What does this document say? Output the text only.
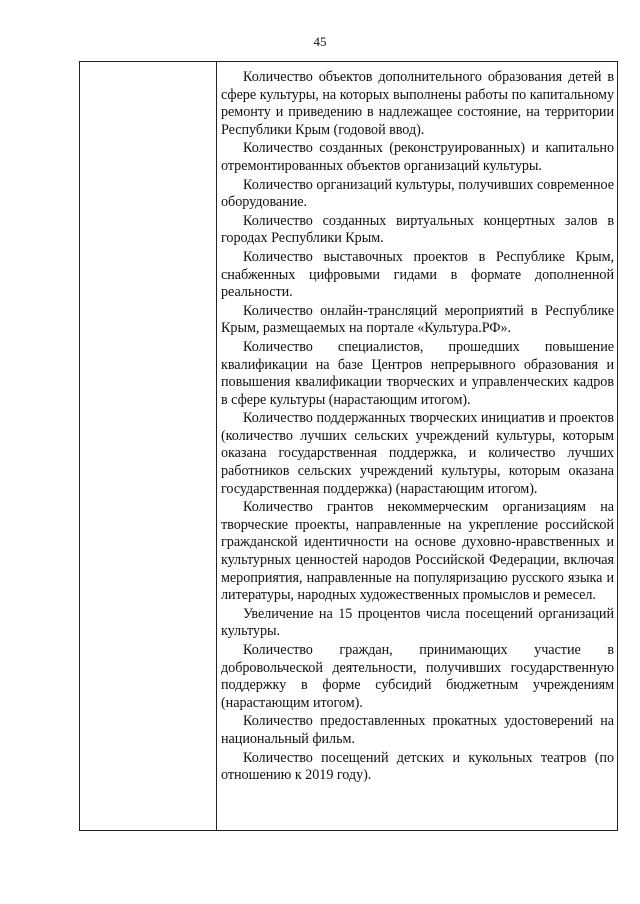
45

Количество объектов дополнительного образования детей в сфере культуры, на которых выполнены работы по капитальному ремонту и приведению в надлежащее состояние, на территории Республики Крым (годовой ввод).

Количество созданных (реконструированных) и капитально отремонтированных объектов организаций культуры.

Количество организаций культуры, получивших современное оборудование.

Количество созданных виртуальных концертных залов в городах Республики Крым.

Количество выставочных проектов в Республике Крым, снабженных цифровыми гидами в формате дополненной реальности.

Количество онлайн-трансляций мероприятий в Республике Крым, размещаемых на портале «Культура.РФ».

Количество специалистов, прошедших повышение квалификации на базе Центров непрерывного образования и повышения квалификации творческих и управленческих кадров в сфере культуры (нарастающим итогом).

Количество поддержанных творческих инициатив и проектов (количество лучших сельских учреждений культуры, которым оказана государственная поддержка, и количество лучших работников сельских учреждений культуры, которым оказана государственная поддержка) (нарастающим итогом).

Количество грантов некоммерческим организациям на творческие проекты, направленные на укрепление российской гражданской идентичности на основе духовно-нравственных и культурных ценностей народов Российской Федерации, включая мероприятия, направленные на популяризацию русского языка и литературы, народных художественных промыслов и ремесел.

Увеличение на 15 процентов числа посещений организаций культуры.

Количество граждан, принимающих участие в добровольческой деятельности, получивших государственную поддержку в форме субсидий бюджетным учреждениям (нарастающим итогом).

Количество предоставленных прокатных удостоверений на национальный фильм.

Количество посещений детских и кукольных театров (по отношению к 2019 году).
